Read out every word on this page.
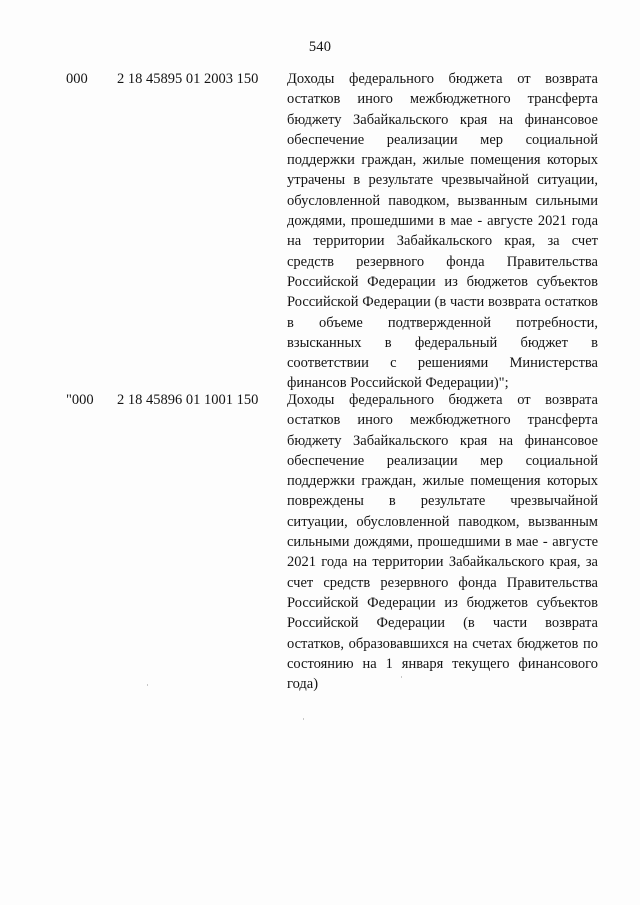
540
000 2 18 45895 01 2003 150 Доходы федерального бюджета от возврата остатков иного межбюджетного трансферта бюджету Забайкальского края на финансовое обеспечение реализации мер социальной поддержки граждан, жилые помещения которых утрачены в результате чрезвычайной ситуации, обусловленной паводком, вызванным сильными дождями, прошедшими в мае - августе 2021 года на территории Забайкальского края, за счет средств резервного фонда Правительства Российской Федерации из бюджетов субъектов Российской Федерации (в части возврата остатков в объеме подтвержденной потребности, взысканных в федеральный бюджет в соответствии с решениями Министерства финансов Российской Федерации)";
"000 2 18 45896 01 1001 150 Доходы федерального бюджета от возврата остатков иного межбюджетного трансферта бюджету Забайкальского края на финансовое обеспечение реализации мер социальной поддержки граждан, жилые помещения которых повреждены в результате чрезвычайной ситуации, обусловленной паводком, вызванным сильными дождями, прошедшими в мае - августе 2021 года на территории Забайкальского края, за счет средств резервного фонда Правительства Российской Федерации из бюджетов субъектов Российской Федерации (в части возврата остатков, образовавшихся на счетах бюджетов по состоянию на 1 января текущего финансового года)
